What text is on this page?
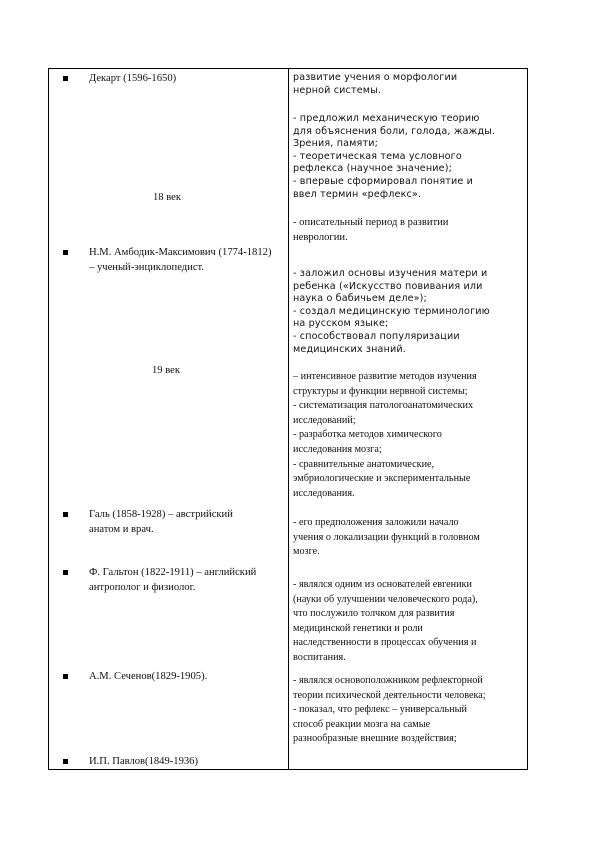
Декарт (1596-1650)
18 век
Н.М. Амбодик-Максимович (1774-1812) – ученый-энциклопедист.
19 век
Галь (1858-1928) – австрийский анатом и врач.
Ф. Гальтон (1822-1911) – английский антрополог и физиолог.
А.М. Сеченов(1829-1905).
И.П. Павлов(1849-1936)
развитие учения о морфологии
нерной системы.
- предложил механическую теорию
для объяснения боли, голода, жажды.
Зрения, памяти;
- теоретическая тема условного
рефлекса (научное значение);
- впервые сформировал понятие и
ввел термин «рефлекс».
- описательный период в развитии
неврологии.
- заложил основы изучения матери и
ребенка («Искусство повивания или
наука о бабичьем деле»);
- создал медицинскую терминологию
на русском языке;
- способствовал популяризации
медицинских знаний.
– интенсивное развитие методов изучения
структуры и функции нервной системы;
- систематизация патологоанатомических
исследований;
- разработка методов химического
исследования мозга;
- сравнительные анатомические,
эмбриологические и экспериментальные
исследования.
- его предположения заложили начало
учения о локализации функций в головном
мозге.
- являлся одним из основателей евгеники
(науки об улучшении человеческого рода),
что послужило толчком для развития
медицинской генетики и роли
наследственности в процессах обучения и
воспитания.
- являлся основоположником рефлекторной
теории психической деятельности человека;
- показал, что рефлекс – универсальный
способ реакции мозга на самые
разнообразные внешние воздействия;
